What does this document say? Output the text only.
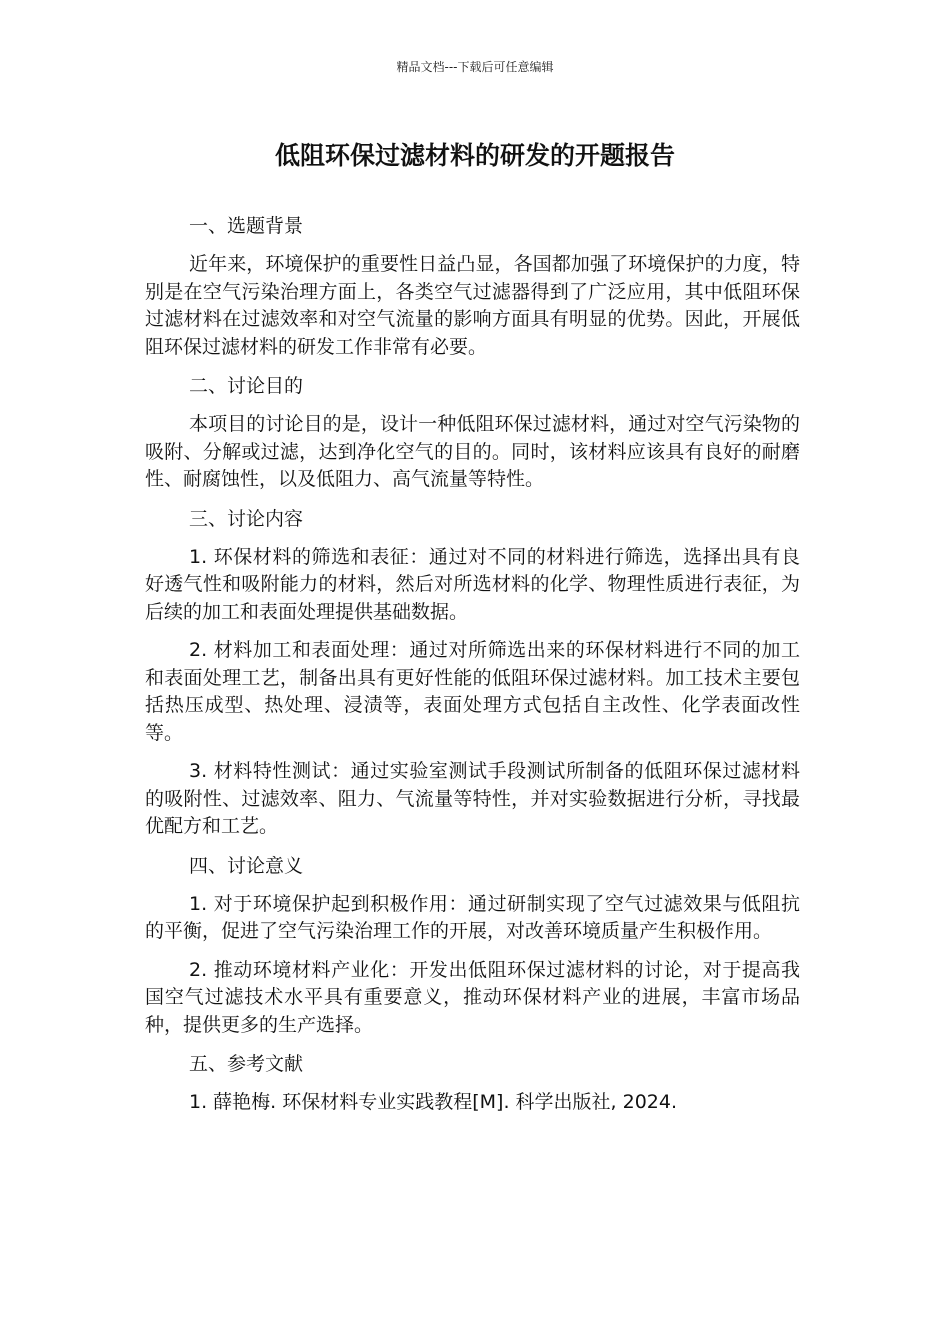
精品文档---下载后可任意编辑
低阻环保过滤材料的研发的开题报告

一、选题背景

近年来，环境保护的重要性日益凸显，各国都加强了环境保护的力度，特别是在空气污染治理方面上，各类空气过滤器得到了广泛应用，其中低阻环保过滤材料在过滤效率和对空气流量的影响方面具有明显的优势。因此，开展低阻环保过滤材料的研发工作非常有必要。

二、讨论目的

本项目的讨论目的是，设计一种低阻环保过滤材料，通过对空气污染物的吸附、分解或过滤，达到净化空气的目的。同时，该材料应该具有良好的耐磨性、耐腐蚀性，以及低阻力、高气流量等特性。

三、讨论内容

1. 环保材料的筛选和表征：通过对不同的材料进行筛选，选择出具有良好透气性和吸附能力的材料，然后对所选材料的化学、物理性质进行表征，为后续的加工和表面处理提供基础数据。

2. 材料加工和表面处理：通过对所筛选出来的环保材料进行不同的加工和表面处理工艺，制备出具有更好性能的低阻环保过滤材料。加工技术主要包括热压成型、热处理、浸渍等，表面处理方式包括自主改性、化学表面改性等。

3. 材料特性测试：通过实验室测试手段测试所制备的低阻环保过滤材料的吸附性、过滤效率、阻力、气流量等特性，并对实验数据进行分析，寻找最优配方和工艺。

四、讨论意义

1. 对于环境保护起到积极作用：通过研制实现了空气过滤效果与低阻抗的平衡，促进了空气污染治理工作的开展，对改善环境质量产生积极作用。

2. 推动环境材料产业化：开发出低阻环保过滤材料的讨论，对于提高我国空气过滤技术水平具有重要意义，推动环保材料产业的进展，丰富市场品种，提供更多的生产选择。

五、参考文献

1. 薛艳梅. 环保材料专业实践教程[M]. 科学出版社, 2024.
